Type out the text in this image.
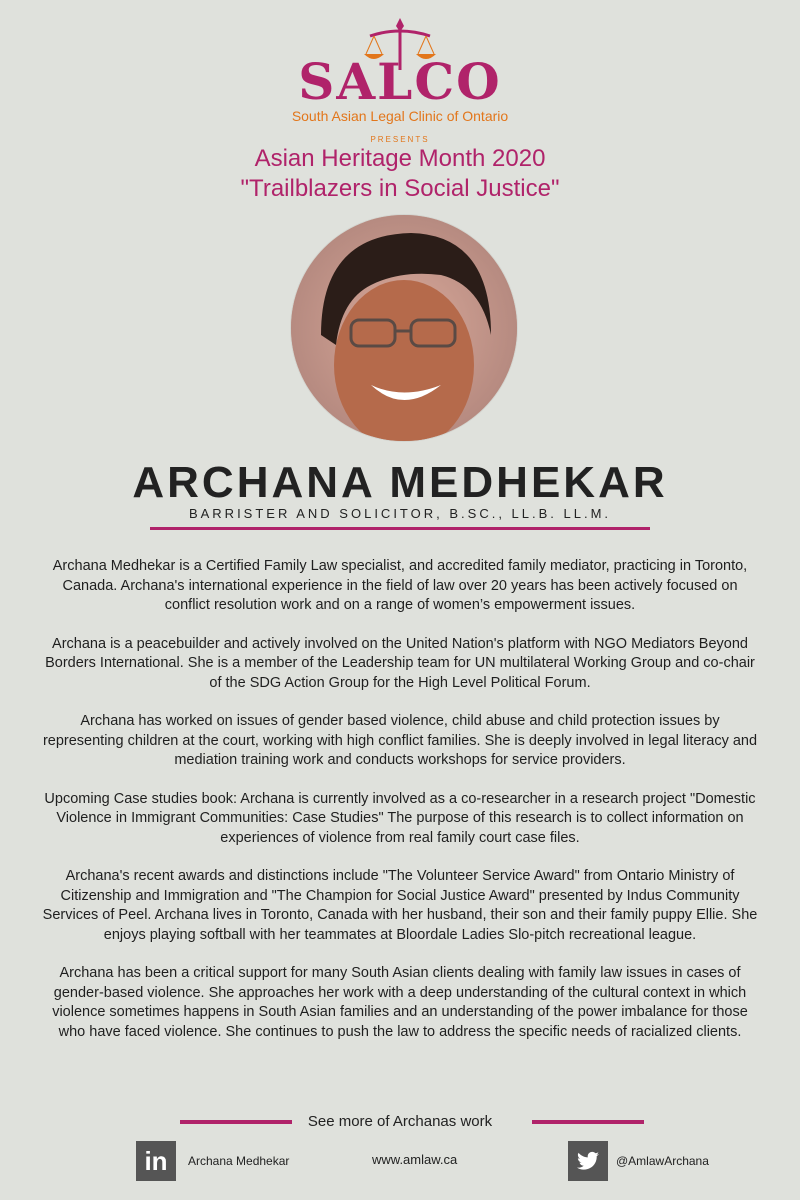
SALCO
South Asian Legal Clinic of Ontario
PRESENTS
Asian Heritage Month 2020
"Trailblazers in Social Justice"
ARCHANA MEDHEKAR
BARRISTER AND SOLICITOR, B.SC., LL.B. LL.M.

Archana Medhekar is a Certified Family Law specialist, and accredited family mediator, practicing in Toronto, Canada. Archana's international experience in the field of law over 20 years has been actively focused on conflict resolution work and on a range of women’s empowerment issues.

Archana is a peacebuilder and actively involved on the United Nation's platform with NGO Mediators Beyond Borders International. She is a member of the Leadership team for UN multilateral Working Group and co-chair of the SDG Action Group for the High Level Political Forum.

Archana has worked on issues of gender based violence, child abuse and child protection issues by representing children at the court, working with high conflict families. She is deeply involved in legal literacy and mediation training work and conducts workshops for service providers.

Upcoming Case studies book: Archana is currently involved as a co-researcher in a research project "Domestic Violence in Immigrant Communities: Case Studies" The purpose of this research is to collect information on experiences of violence from real family court case files.

Archana's recent awards and distinctions include "The Volunteer Service Award" from Ontario Ministry of Citizenship and Immigration and "The Champion for Social Justice Award" presented by Indus Community Services of Peel. Archana lives in Toronto, Canada with her husband, their son and their family puppy Ellie. She enjoys playing softball with her teammates at Bloordale Ladies Slo-pitch recreational league.

Archana has been a critical support for many South Asian clients dealing with family law issues in cases of gender-based violence. She approaches her work with a deep understanding of the cultural context in which violence sometimes happens in South Asian families and an understanding of the power imbalance for those who have faced violence. She continues to push the law to address the specific needs of racialized clients.

See more of Archanas work
in	Archana Medhekar	www.amlaw.ca	@AmlawArchana
